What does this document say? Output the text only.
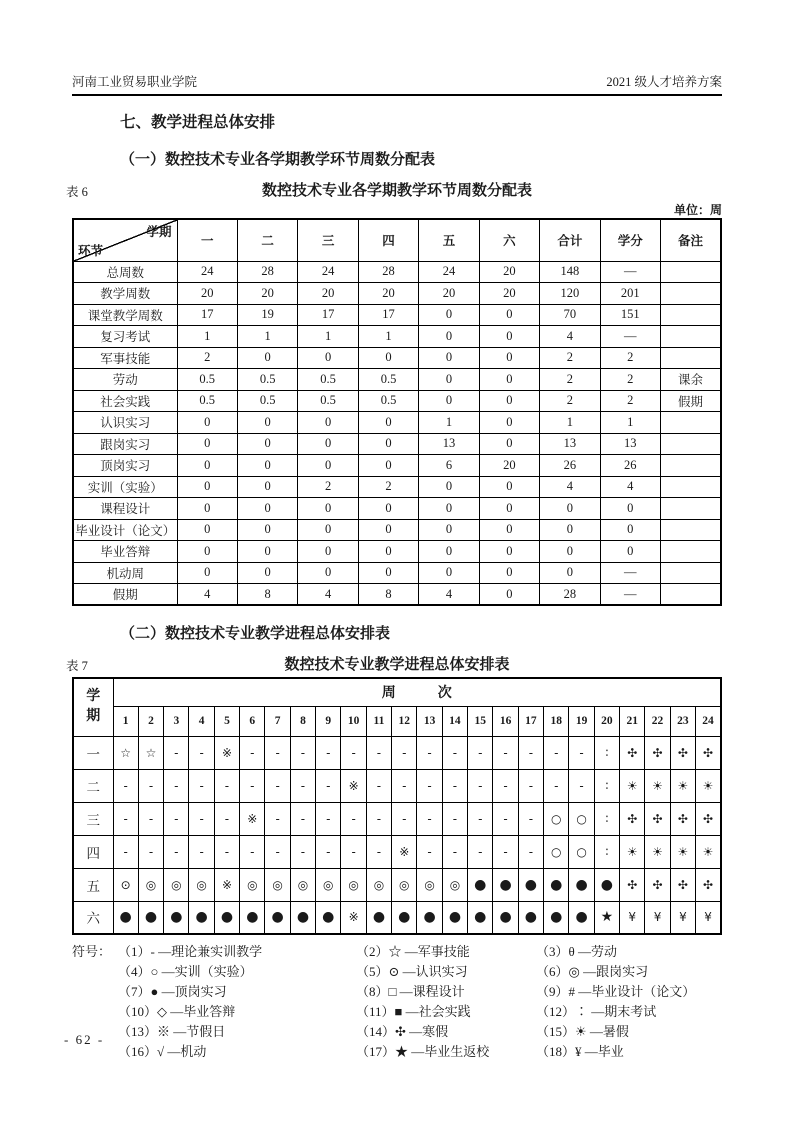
河南工业贸易职业学院	2021 级人才培养方案
七、教学进程总体安排
（一）数控技术专业各学期教学环节周数分配表
表 6	数控技术专业各学期教学环节周数分配表
单位：周
学期
环节	一	二	三	四	五	六	合计	学分	备注
总周数	24	28	24	28	24	20	148	—	
教学周数	20	20	20	20	20	20	120	201	
课堂教学周数	17	19	17	17	0	0	70	151	
复习考试	1	1	1	1	0	0	4	—	
军事技能	2	0	0	0	0	0	2	2	
劳动	0.5	0.5	0.5	0.5	0	0	2	2	课余
社会实践	0.5	0.5	0.5	0.5	0	0	2	2	假期
认识实习	0	0	0	0	1	0	1	1	
跟岗实习	0	0	0	0	13	0	13	13	
顶岗实习	0	0	0	0	6	20	26	26	
实训（实验）	0	0	2	2	0	0	4	4	
课程设计	0	0	0	0	0	0	0	0	
毕业设计（论文）	0	0	0	0	0	0	0	0	
毕业答辩	0	0	0	0	0	0	0	0	
机动周	0	0	0	0	0	0	0	—	
假期	4	8	4	8	4	0	28	—	
（二）数控技术专业教学进程总体安排表
表 7	数控技术专业教学进程总体安排表
学期	周　　　次																							
	1	2	3	4	5	6	7	8	9	10	11	12	13	14	15	16	17	18	19	20	21	22	23	24
一	☆	☆	-	-	※	-	-	-	-	-	-	-	-	-	-	-	-	-	-	∶	✣	✣	✣	✣
二	-	-	-	-	-	-	-	-	-	※	-	-	-	-	-	-	-	-	-	∶	☀	☀	☀	☀
三	-	-	-	-	-	※	-	-	-	-	-	-	-	-	-	-	-	○	○	∶	✣	✣	✣	✣
四	-	-	-	-	-	-	-	-	-	-	-	※	-	-	-	-	-	○	○	∶	☀	☀	☀	☀
五	⊙	◎	◎	◎	※	◎	◎	◎	◎	◎	◎	◎	◎	◎	●	●	●	●	●	●	✣	✣	✣	✣
六	●	●	●	●	●	●	●	●	●	※	●	●	●	●	●	●	●	●	●	★	¥	¥	¥	¥
符号： （1）- —理论兼实训教学	（2）☆ —军事技能	（3）θ —劳动
（4）○ —实训（实验）	（5）⊙ —认识实习	（6）◎ —跟岗实习
（7）● —顶岗实习	（8）□ —课程设计	（9）# —毕业设计（论文）
（10）◇ —毕业答辩	（11）■ —社会实践	（12）∶ —期末考试
（13）※ —节假日	（14）✣ —寒假	（15）☀ —暑假
（16）√ —机动	（17）★ —毕业生返校	（18）¥ —毕业
- 62 -
